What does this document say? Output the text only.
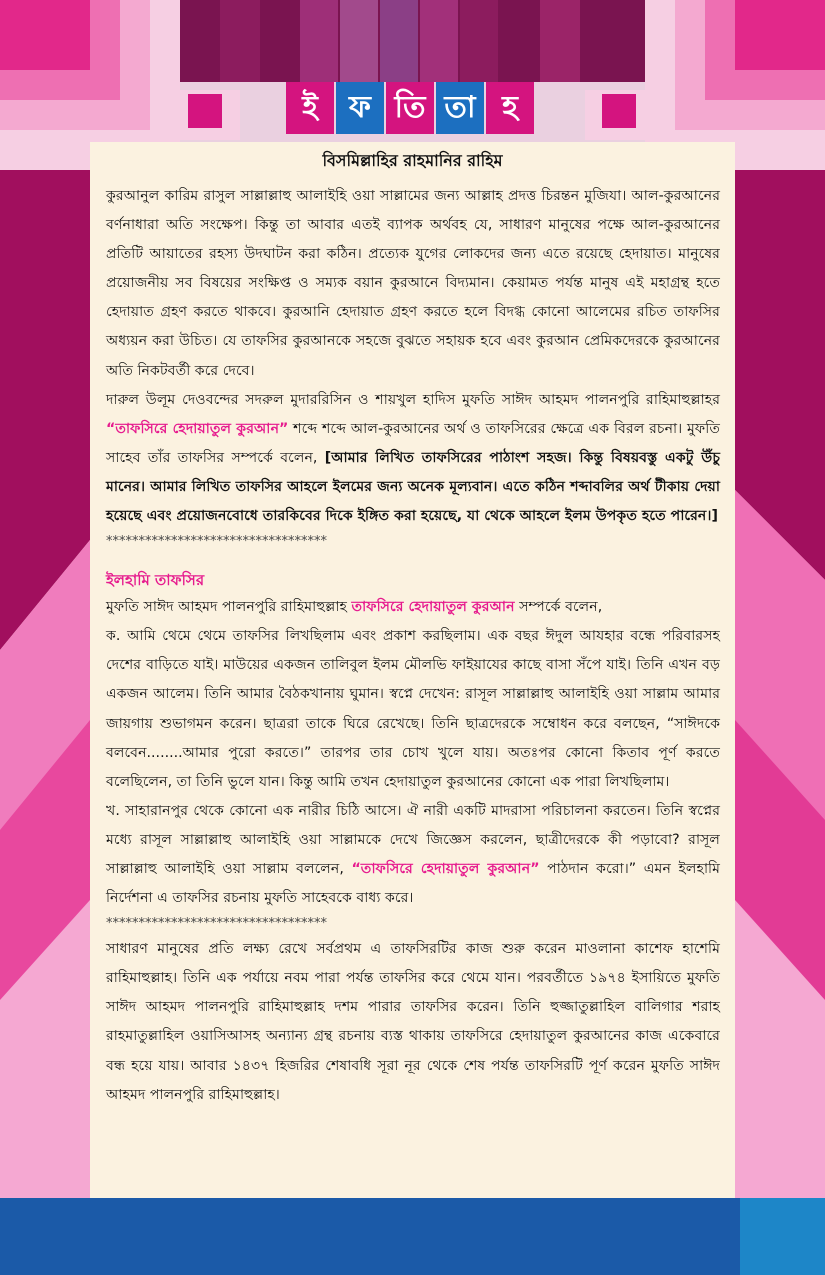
ই	ফ তি তা হ
বিসমিল্লাহির রাহমানির রাহিম

কুরআনুল কারিম রাসুল সাল্লাল্লাহু আলাইহি ওয়া সাল্লামের জন্য আল্লাহ প্রদত্ত চিরন্তন মুজিযা। আল-কুরআনের বর্ণনাধারা অতি সংক্ষেপ। কিন্তু তা আবার এতই ব্যাপক অর্থবহ যে, সাধারণ মানুষের পক্ষে আল-কুরআনের প্রতিটি আয়াতের রহস্য উদঘাটন করা কঠিন। প্রত্যেক যুগের লোকদের জন্য এতে রয়েছে হেদায়াত। মানুষের প্রয়োজনীয় সব বিষয়ের সংক্ষিপ্ত ও সম্যক বয়ান কুরআনে বিদ্যমান। কেয়ামত পর্যন্ত মানুষ এই মহাগ্রন্থ হতে হেদায়াত গ্রহণ করতে থাকবে। কুরআনি হেদায়াত গ্রহণ করতে হলে বিদগ্ধ কোনো আলেমের রচিত তাফসির অধ্যয়ন করা উচিত। যে তাফসির কুরআনকে সহজে বুঝতে সহায়ক হবে এবং কুরআন প্রেমিকদেরকে কুরআনের অতি নিকটবর্তী করে দেবে।

দারুল উলূম দেওবন্দের সদরুল মুদাররিসিন ও শায়খুল হাদিস মুফতি সাঈদ আহমদ পালনপুরি রাহিমাহুল্লাহর “তাফসিরে হেদায়াতুল কুরআন” শব্দে শব্দে আল-কুরআনের অর্থ ও তাফসিরের ক্ষেত্রে এক বিরল রচনা। মুফতি সাহেব তাঁর তাফসির সম্পর্কে বলেন, [আমার লিখিত তাফসিরের পাঠাংশ সহজ। কিন্তু বিষয়বস্তু একটু উঁচু মানের। আমার লিখিত তাফসির আহলে ইলমের জন্য অনেক মূল্যবান। এতে কঠিন শব্দাবলির অর্থ টীকায় দেয়া হয়েছে এবং প্রয়োজনবোধে তারকিবের দিকে ইঙ্গিত করা হয়েছে, যা থেকে আহলে ইলম উপকৃত হতে পারেন।]

**********************************

ইলহামি তাফসির

মুফতি সাঈদ আহমদ পালনপুরি রাহিমাহুল্লাহ তাফসিরে হেদায়াতুল কুরআন সম্পর্কে বলেন,

ক. আমি থেমে থেমে তাফসির লিখছিলাম এবং প্রকাশ করছিলাম। এক বছর ঈদুল আযহার বন্ধে পরিবারসহ দেশের বাড়িতে যাই। মাউয়ের একজন তালিবুল ইলম মৌলভি ফাইয়াযের কাছে বাসা সঁপে যাই। তিনি এখন বড় একজন আলেম। তিনি আমার বৈঠকখানায় ঘুমান। স্বপ্নে দেখেন: রাসূল সাল্লাল্লাহু আলাইহি ওয়া সাল্লাম আমার জায়গায় শুভাগমন করেন। ছাত্ররা তাকে ঘিরে রেখেছে। তিনি ছাত্রদেরকে সম্বোধন করে বলছেন, “সাঈদকে বলবেন........আমার পুরো করতে।” তারপর তার চোখ খুলে যায়। অতঃপর কোনো কিতাব পূর্ণ করতে বলেছিলেন, তা তিনি ভুলে যান। কিন্তু আমি তখন হেদায়াতুল কুরআনের কোনো এক পারা লিখছিলাম।

খ. সাহারানপুর থেকে কোনো এক নারীর চিঠি আসে। ঐ নারী একটি মাদরাসা পরিচালনা করতেন। তিনি স্বপ্নের মধ্যে রাসূল সাল্লাল্লাহু আলাইহি ওয়া সাল্লামকে দেখে জিজ্ঞেস করলেন, ছাত্রীদেরকে কী পড়াবো? রাসূল সাল্লাল্লাহু আলাইহি ওয়া সাল্লাম বললেন, “তাফসিরে হেদায়াতুল কুরআন” পাঠদান করো।” এমন ইলহামি নির্দেশনা এ তাফসির রচনায় মুফতি সাহেবকে বাধ্য করে।

**********************************

সাধারণ মানুষের প্রতি লক্ষ্য রেখে সর্বপ্রথম এ তাফসিরটির কাজ শুরু করেন মাওলানা কাশেফ হাশেমি রাহিমাহুল্লাহ। তিনি এক পর্যায়ে নবম পারা পর্যন্ত তাফসির করে থেমে যান। পরবর্তীতে ১৯৭৪ ইসায়িতে মুফতি সাঈদ আহমদ পালনপুরি রাহিমাহুল্লাহ দশম পারার তাফসির করেন। তিনি হুজ্জাতুল্লাহিল বালিগার শরাহ রাহমাতুল্লাহিল ওয়াসিআসহ অন্যান্য গ্রন্থ রচনায় ব্যস্ত থাকায় তাফসিরে হেদায়াতুল কুরআনের কাজ একেবারে বন্ধ হয়ে যায়। আবার ১৪৩৭ হিজরির শেষাবধি সূরা নূর থেকে শেষ পর্যন্ত তাফসিরটি পূর্ণ করেন মুফতি সাঈদ আহমদ পালনপুরি রাহিমাহুল্লাহ।
